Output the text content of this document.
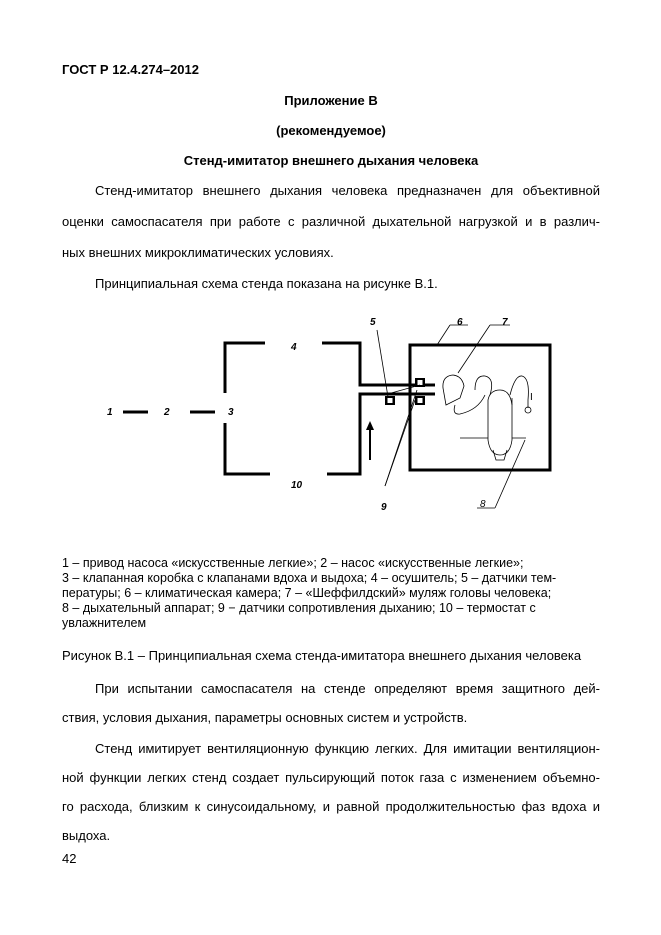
ГОСТ Р 12.4.274–2012
Приложение В
(рекомендуемое)
Стенд-имитатор внешнего дыхания человека
Стенд-имитатор внешнего дыхания человека предназначен для объективной
оценки самоспасателя при работе с различной дыхательной нагрузкой и в различ-
ных внешних микроклиматических условиях.
Принципиальная схема стенда показана на рисунке В.1.
1	2	3
4
5	6	7
8
9
10
I
1 – привод насоса «искусственные легкие»; 2 – насос «искусственные легкие»;
3 – клапанная коробка с клапанами вдоха и выдоха; 4 – осушитель; 5 – датчики тем-
пературы; 6 – климатическая камера; 7 – «Шеффилдский» муляж головы человека;
8 – дыхательный аппарат; 9 − датчики сопротивления дыханию; 10 – термостат с
увлажнителем
Рисунок В.1 – Принципиальная схема стенда-имитатора внешнего дыхания человека
При испытании самоспасателя на стенде определяют время защитного дей-
ствия, условия дыхания, параметры основных систем и устройств.
Стенд имитирует вентиляционную функцию легких. Для имитации вентиляцион-
ной функции легких стенд создает пульсирующий поток газа с изменением объемно-
го расхода, близким к синусоидальному, и равной продолжительностью фаз вдоха и
выдоха.
42
